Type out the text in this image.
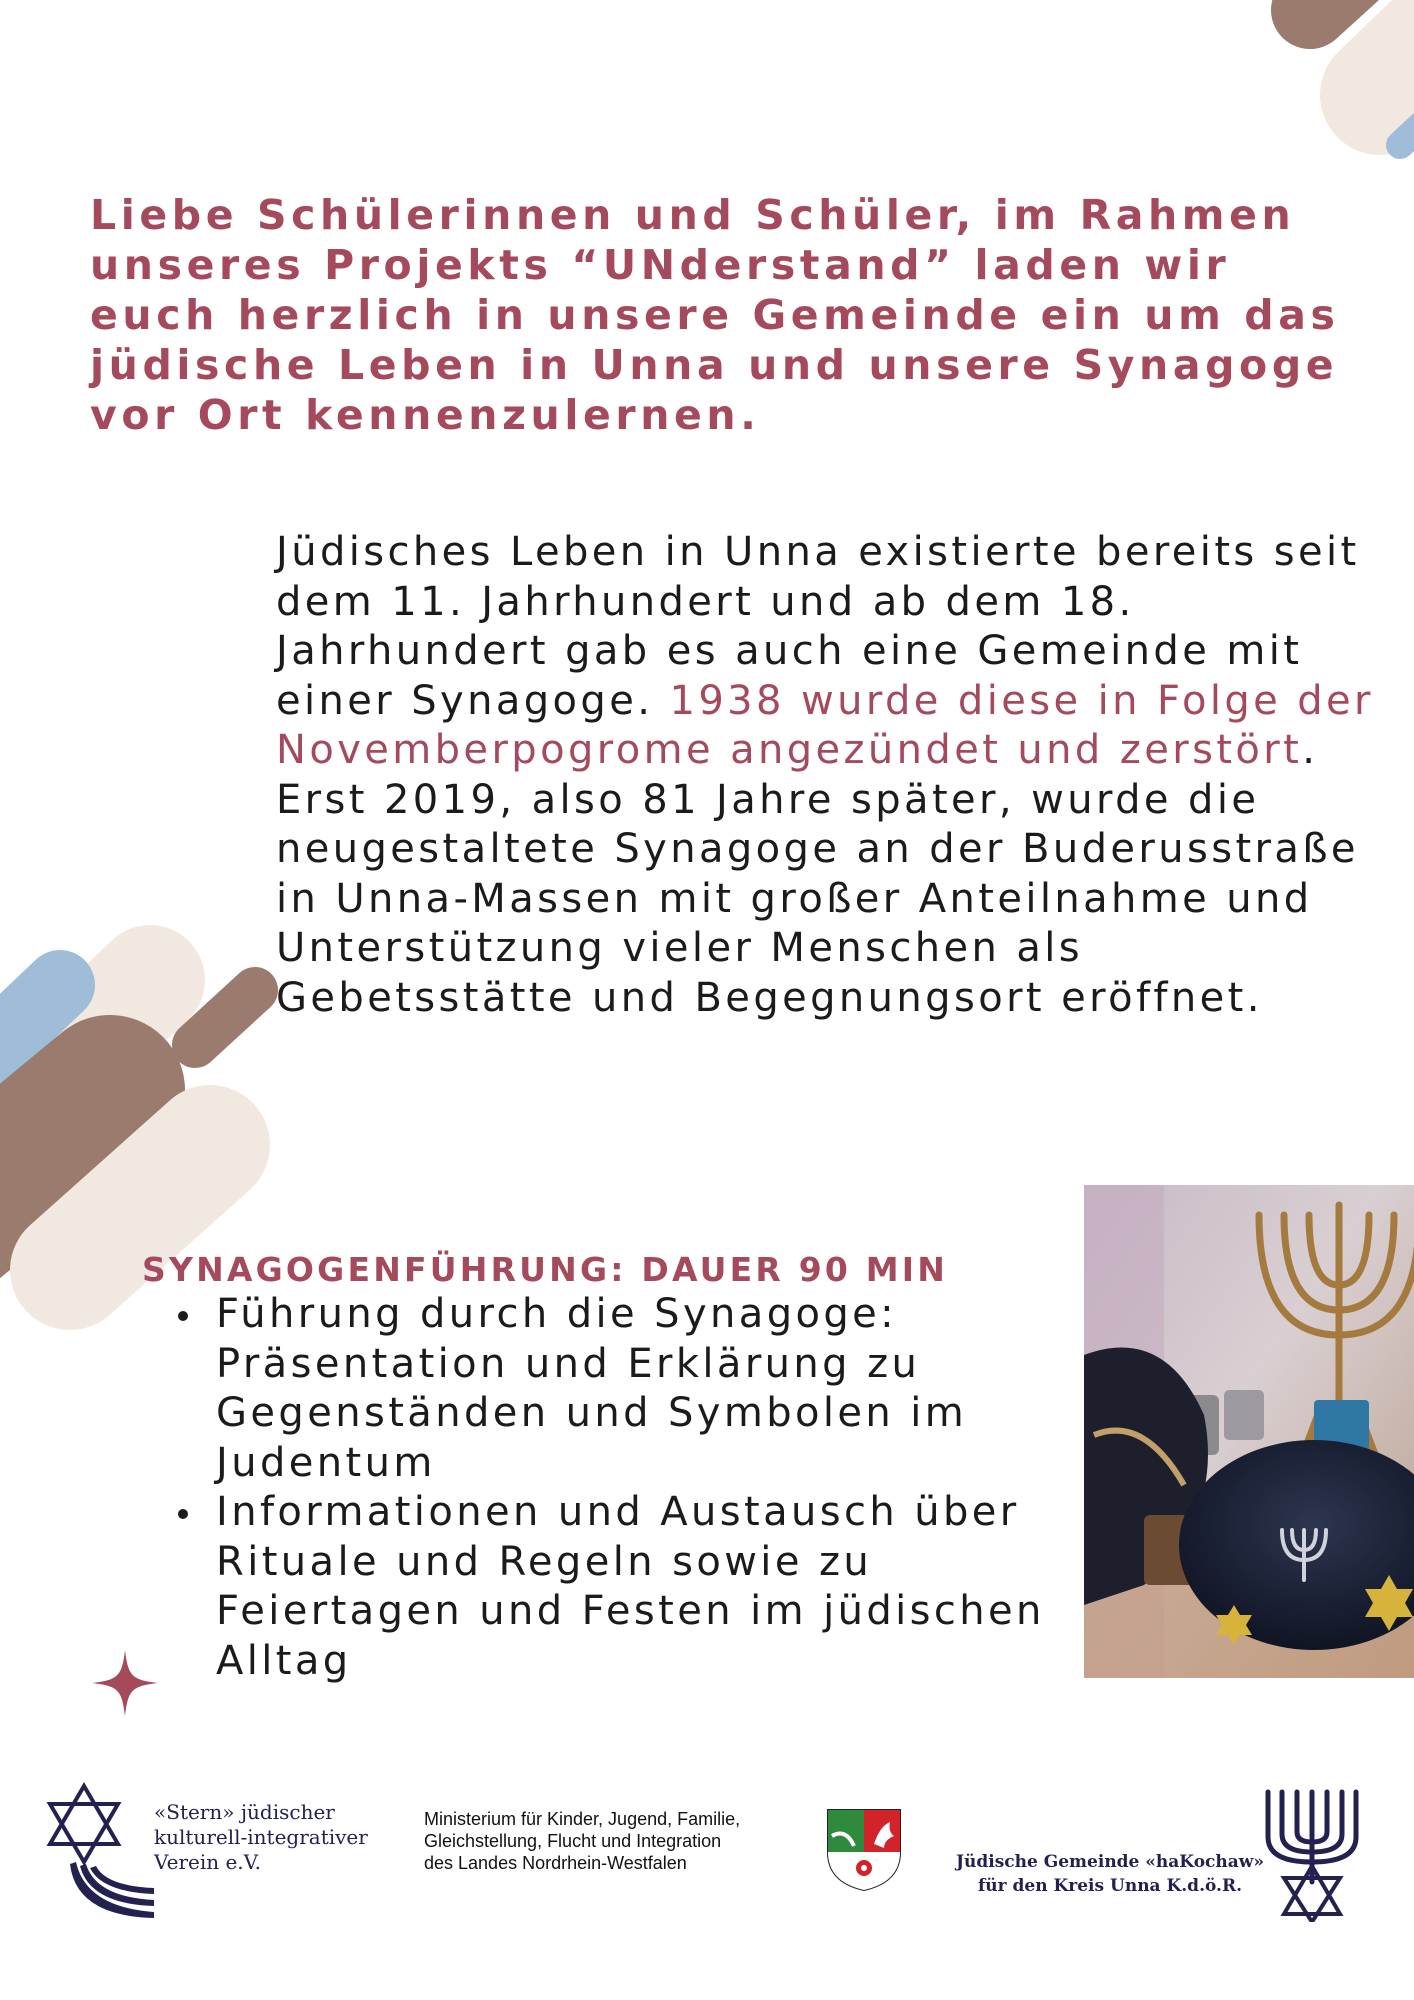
Liebe Schülerinnen und Schüler, im Rahmen unseres Projekts “UNderstand” laden wir euch herzlich in unsere Gemeinde ein um das jüdische Leben in Unna und unsere Synagoge vor Ort kennenzulernen.

Jüdisches Leben in Unna existierte bereits seit dem 11. Jahrhundert und ab dem 18. Jahrhundert gab es auch eine Gemeinde mit einer Synagoge. 1938 wurde diese in Folge der Novemberpogrome angezündet und zerstört.
Erst 2019, also 81 Jahre später, wurde die neugestaltete Synagoge an der Buderusstraße in Unna-Massen mit großer Anteilnahme und Unterstützung vieler Menschen als Gebetsstätte und Begegnungsort eröffnet.

SYNAGOGENFÜHRUNG: DAUER 90 MIN
Führung durch die Synagoge: Präsentation und Erklärung zu Gegenständen und Symbolen im Judentum
Informationen und Austausch über Rituale und Regeln sowie zu Feiertagen und Festen im jüdischen Alltag

«Stern» jüdischer
kulturell-integrativer
Verein e.V.

Ministerium für Kinder, Jugend, Familie,
Gleichstellung, Flucht und Integration
des Landes Nordrhein-Westfalen	Jüdische Gemeinde «haKochaw»
für den Kreis Unna K.d.ö.R.
